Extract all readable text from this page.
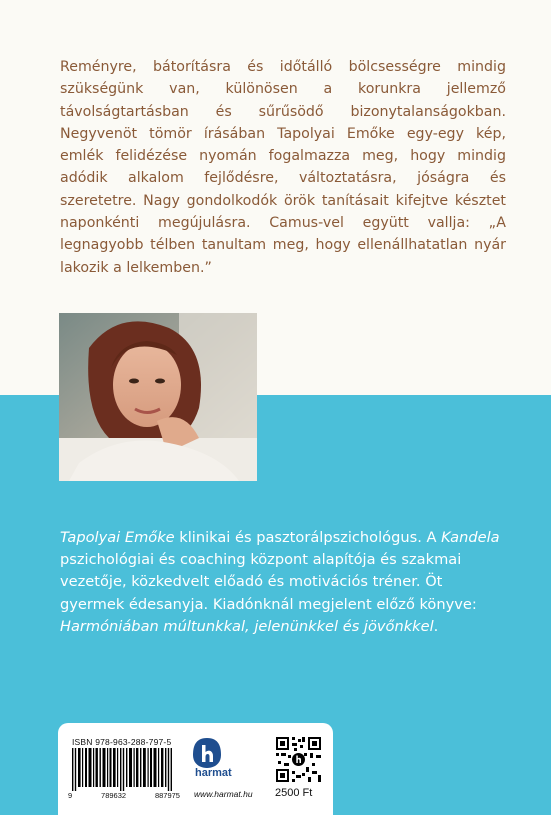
Reményre, bátorításra és időtálló bölcsességre mindig szükségünk van, különösen a korunkra jellemző távolságtartásban és sűrűsödő bizonytalanságokban. Negyvenöt tömör írásában Tapolyai Emőke egy-egy kép, emlék felidézése nyomán fogalmazza meg, hogy mindig adódik alkalom fejlődésre, változtatásra, jóságra és szeretetre. Nagy gondolkodók örök tanításait kifejtve késztet naponkénti megújulásra. Camus-vel együtt vallja: „A legnagyobb télben tanultam meg, hogy ellenállhatatlan nyár lakozik a lelkemben.”

Tapolyai Emőke klinikai és pasztorálpszichológus. A Kandela pszichológiai és coaching központ alapítója és szakmai vezetője, közkedvelt előadó és motivációs tréner. Öt gyermek édesanyja. Kiadónknál megjelent előző könyve: Harmóniában múltunkkal, jelenünkkel és jövőnkkel.

ISBN 978-963-288-797-5
9	789632	887975
harmat
www.harmat.hu 2500 Ft
